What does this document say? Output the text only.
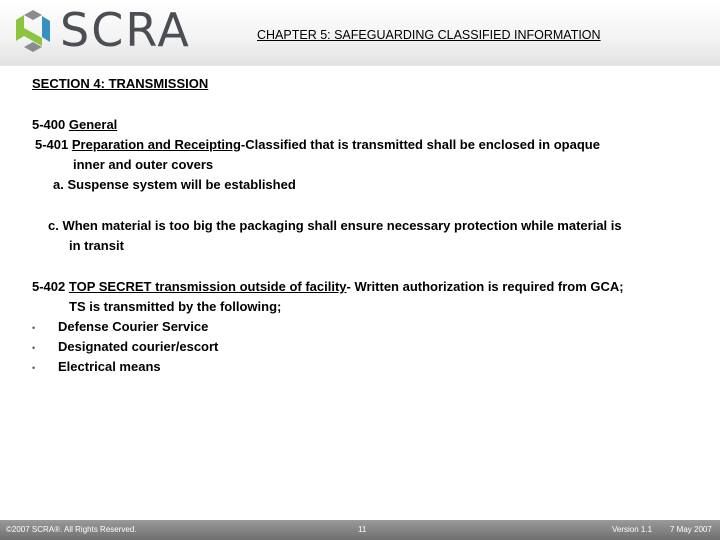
SCRA	CHAPTER 5: SAFEGUARDING CLASSIFIED INFORMATION
SECTION 4: TRANSMISSION
5-400 General
5-401 Preparation and Receipting-Classified that is transmitted shall be enclosed in opaque
inner and outer covers
a. Suspense system will be established
c. When material is too big the packaging shall ensure necessary protection while material is
in transit
5-402 TOP SECRET transmission outside of facility- Written authorization is required from GCA;
TS is transmitted by the following;
• Defense Courier Service
• Designated courier/escort
• Electrical means
©2007 SCRA®. All Rights Reserved.	11	Version 1.1 7 May 2007
